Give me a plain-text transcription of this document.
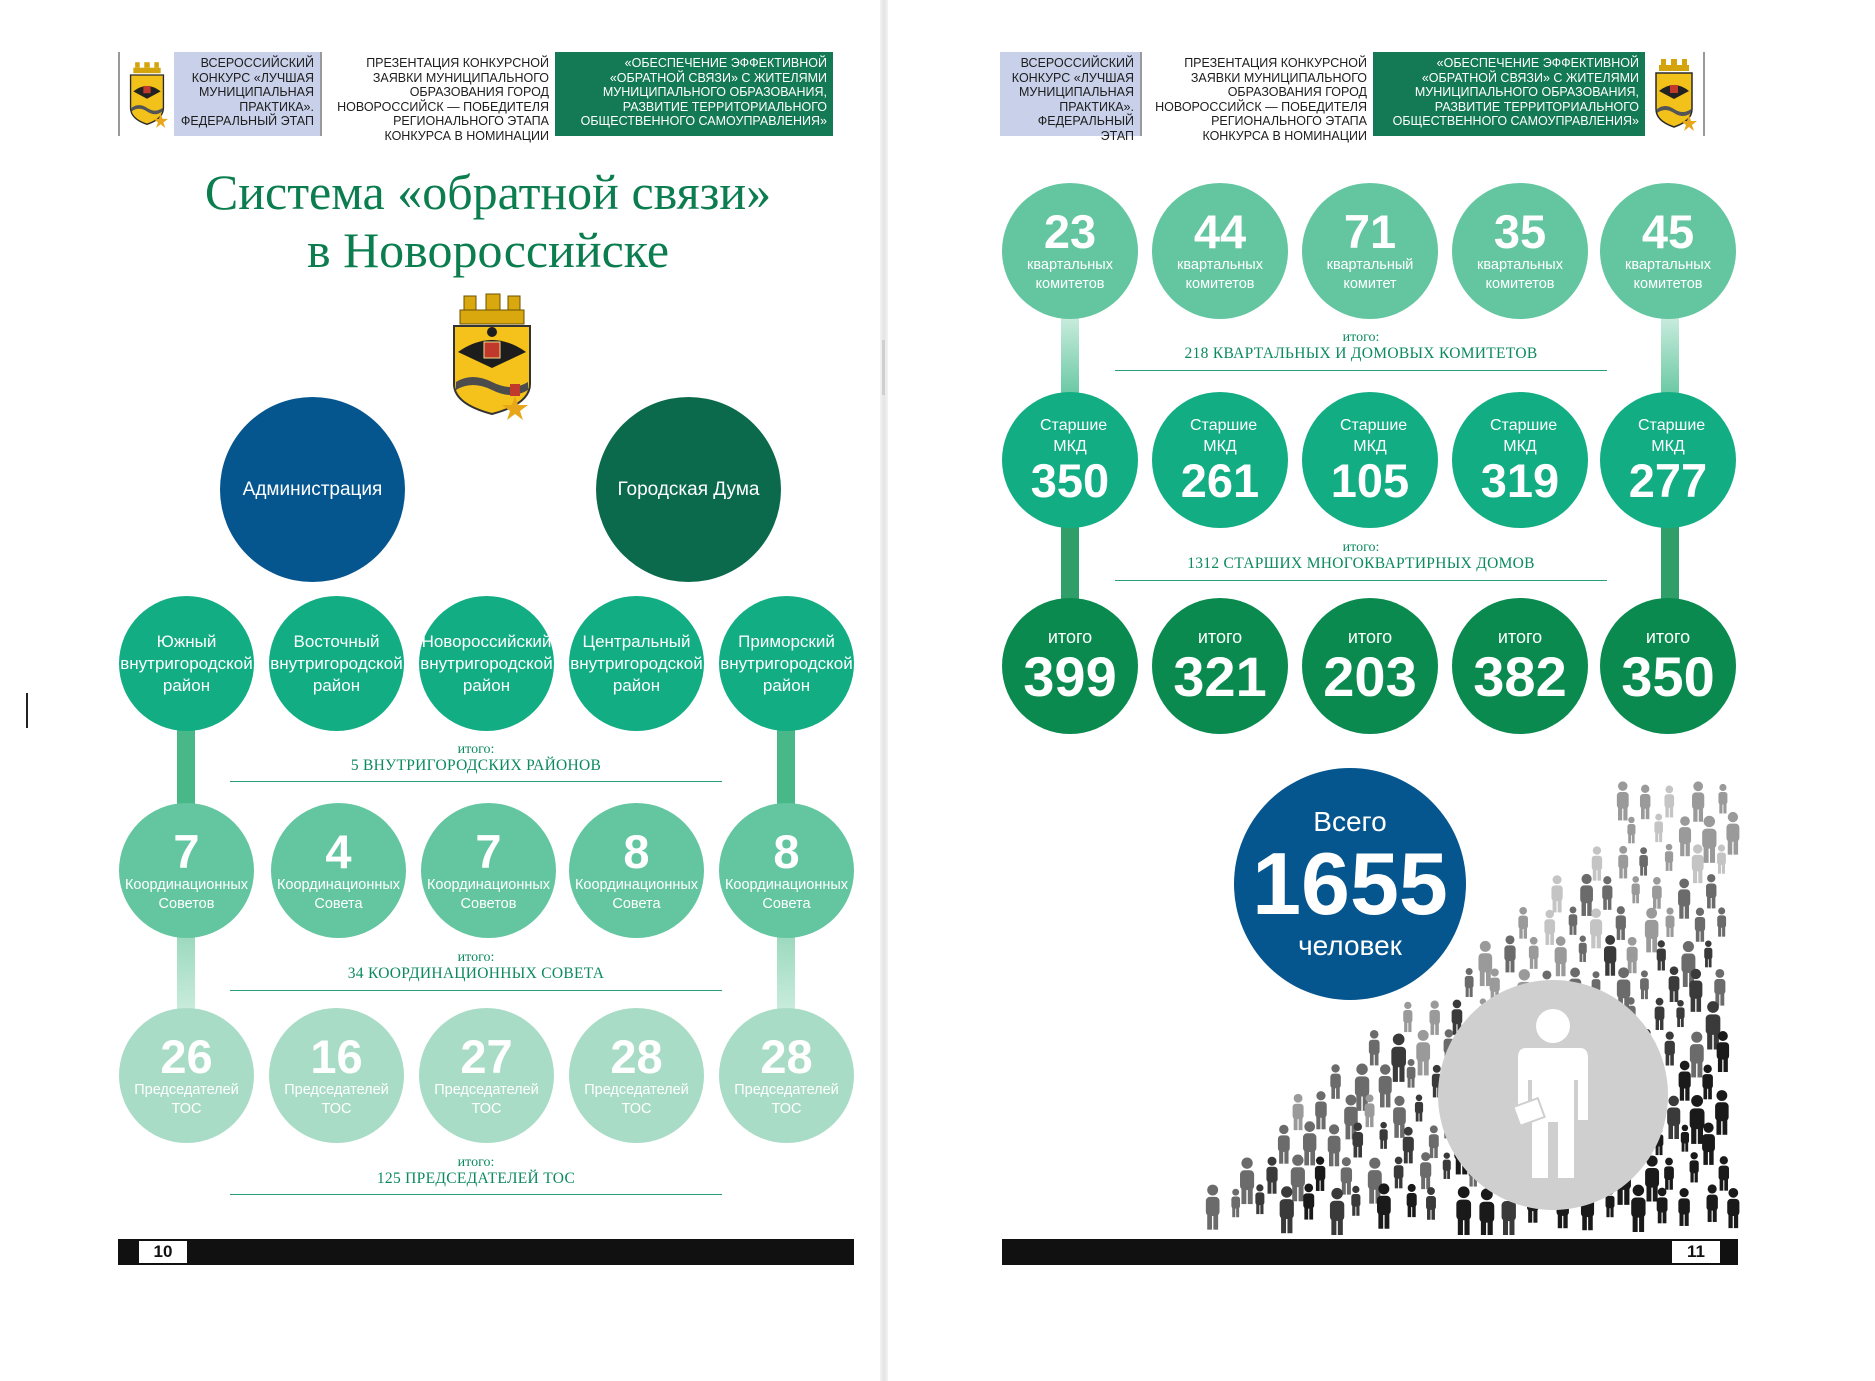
ВСЕРОССИЙСКИЙ КОНКУРС «ЛУЧШАЯ МУНИЦИПАЛЬНАЯ ПРАКТИКА». ФЕДЕРАЛЬНЫЙ ЭТАП
ПРЕЗЕНТАЦИЯ КОНКУРСНОЙ ЗАЯВКИ МУНИЦИПАЛЬНОГО ОБРАЗОВАНИЯ ГОРОД НОВОРОССИЙСК — ПОБЕДИТЕЛЯ РЕГИОНАЛЬНОГО ЭТАПА КОНКУРСА В НОМИНАЦИИ
«ОБЕСПЕЧЕНИЕ ЭФФЕКТИВНОЙ «ОБРАТНОЙ СВЯЗИ» С ЖИТЕЛЯМИ МУНИЦИПАЛЬНОГО ОБРАЗОВАНИЯ, РАЗВИТИЕ ТЕРРИТОРИАЛЬНОГО ОБЩЕСТВЕННОГО САМОУПРАВЛЕНИЯ»
Система «обратной связи»
в Новороссийске
Администрация	Городская Дума
Южный внутригородской район
Восточный внутригородской район
Новороссийский внутригородской район
Центральный внутригородской район
Приморский внутригородской район
итого:
5 ВНУТРИГОРОДСКИХ РАЙОНОВ
7
Координационных Советов
4
Координационных Совета
7
Координационных Советов
8
Координационных Совета
8
Координационных Совета
итого:
34 КООРДИНАЦИОННЫХ СОВЕТА
26
Председателей ТОС
16
Председателей ТОС
27
Председателей ТОС
28
Председателей ТОС
28
Председателей ТОС
итого:
125 ПРЕДСЕДАТЕЛЕЙ ТОС
10
ВСЕРОССИЙСКИЙ КОНКУРС «ЛУЧШАЯ МУНИЦИПАЛЬНАЯ ПРАКТИКА». ФЕДЕРАЛЬНЫЙ ЭТАП
ПРЕЗЕНТАЦИЯ КОНКУРСНОЙ ЗАЯВКИ МУНИЦИПАЛЬНОГО ОБРАЗОВАНИЯ ГОРОД НОВОРОССИЙСК — ПОБЕДИТЕЛЯ РЕГИОНАЛЬНОГО ЭТАПА КОНКУРСА В НОМИНАЦИИ
«ОБЕСПЕЧЕНИЕ ЭФФЕКТИВНОЙ «ОБРАТНОЙ СВЯЗИ» С ЖИТЕЛЯМИ МУНИЦИПАЛЬНОГО ОБРАЗОВАНИЯ, РАЗВИТИЕ ТЕРРИТОРИАЛЬНОГО ОБЩЕСТВЕННОГО САМОУПРАВЛЕНИЯ»
23
квартальных комитетов
44
квартальных комитетов
71
квартальный комитет
35
квартальных комитетов
45
квартальных комитетов
итого:
218 КВАРТАЛЬНЫХ И ДОМОВЫХ КОМИТЕТОВ
Старшие МКД
350
Старшие МКД
261
Старшие МКД
105
Старшие МКД
319
Старшие МКД
277
итого:
1312 СТАРШИХ МНОГОКВАРТИРНЫХ ДОМОВ
итого
399
итого
321
итого
203
итого
382
итого
350
Всего
1655
человек
11
